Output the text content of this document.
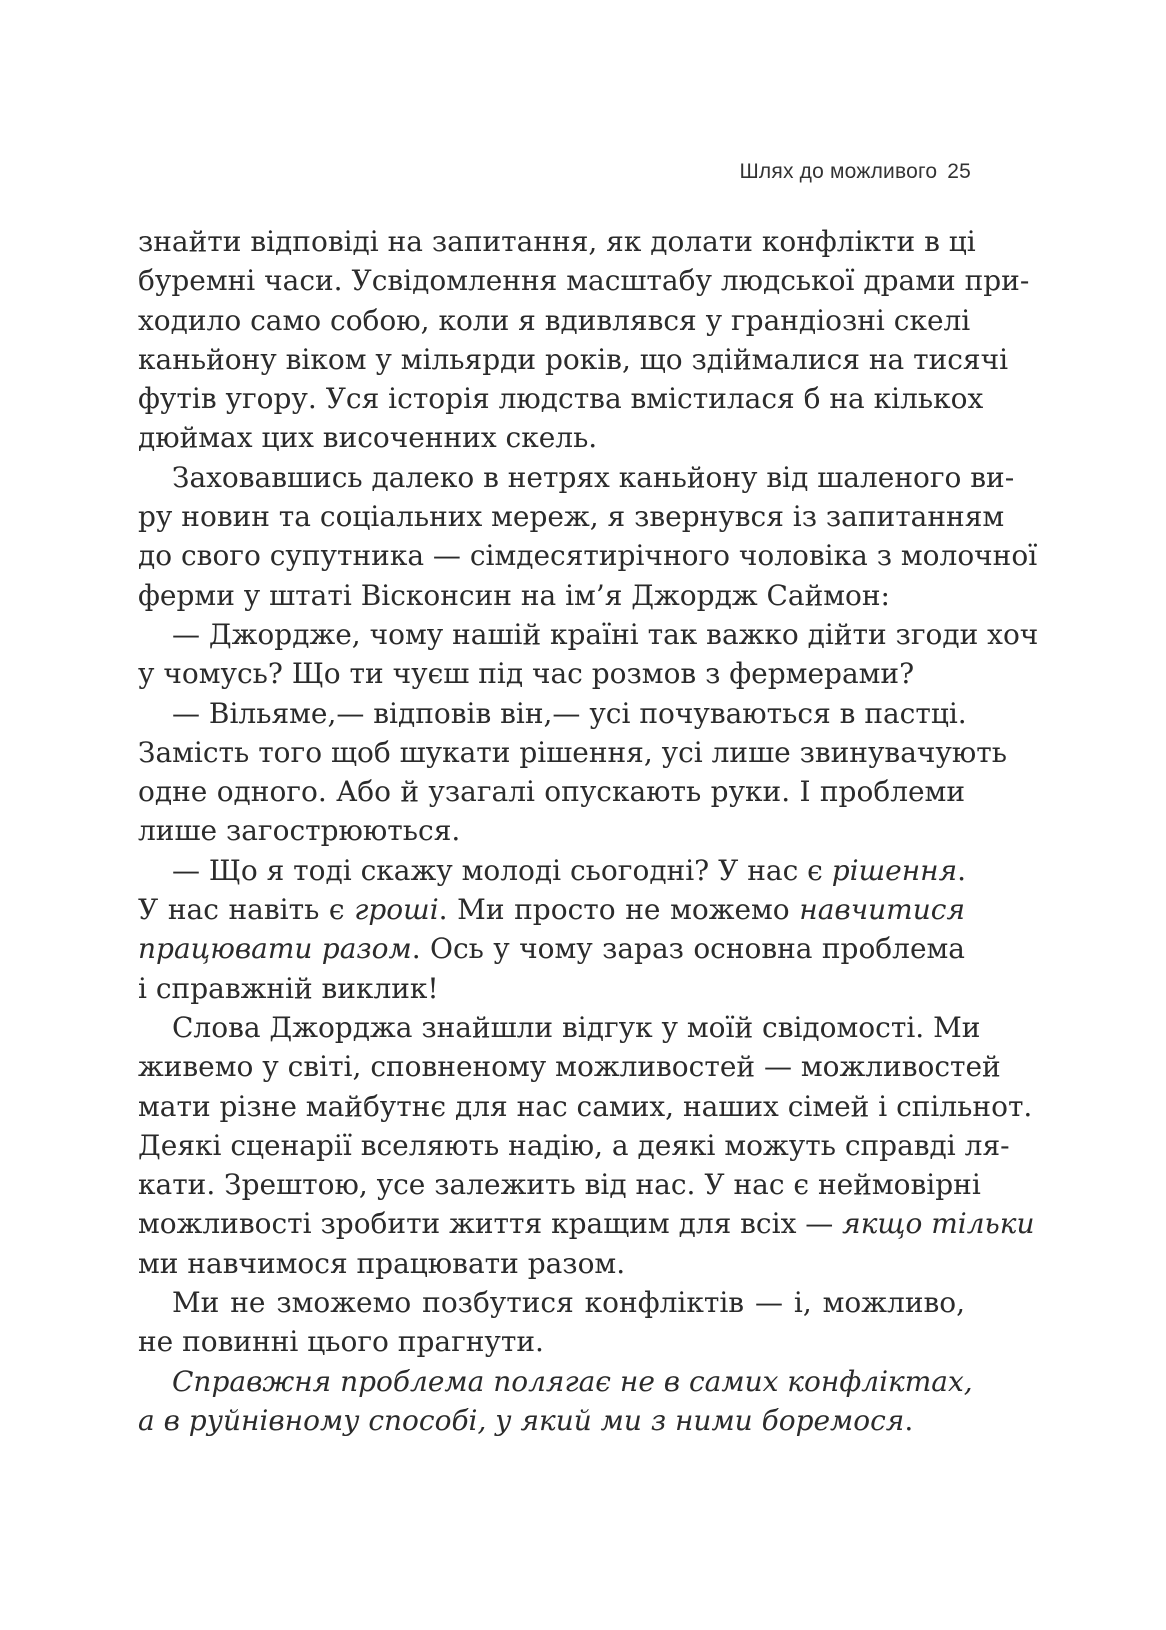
Шлях до можливого 25
знайти відповіді на запитання, як долати конфлікти в ці
буремні часи. Усвідомлення масштабу людської драми при-
ходило само собою, коли я вдивлявся у грандіозні скелі
каньйону віком у мільярди років, що здіймалися на тисячі
футів угору. Уся історія людства вмістилася б на кількох
дюймах цих височенних скель.
Заховавшись далеко в нетрях каньйону від шаленого ви-
ру новин та соціальних мереж, я звернувся із запитанням
до свого супутника — сімдесятирічного чоловіка з молочної
ферми у штаті Вісконсин на ім’я Джордж Саймон:
— Джордже, чому нашій країні так важко дійти згоди хоч
у чомусь? Що ти чуєш під час розмов з фермерами?
— Вільяме,— відповів він,— усі почуваються в пастці.
Замість того щоб шукати рішення, усі лише звинувачують
одне одного. Або й узагалі опускають руки. І проблеми
лише загострюються.
— Що я тоді скажу молоді сьогодні? У нас є рішення.
У нас навіть є гроші. Ми просто не можемо навчитися
працювати разом. Ось у чому зараз основна проблема
і справжній виклик!
Слова Джорджа знайшли відгук у моїй свідомості. Ми
живемо у світі, сповненому можливостей — можливостей
мати різне майбутнє для нас самих, наших сімей і спільнот.
Деякі сценарії вселяють надію, а деякі можуть справді ля-
кати. Зрештою, усе залежить від нас. У нас є неймовірні
можливості зробити життя кращим для всіх — якщо тільки
ми навчимося працювати разом.
Ми не зможемо позбутися конфліктів — і, можливо,
не повинні цього прагнути.
Справжня проблема полягає не в самих конфліктах,
а в руйнівному способі, у який ми з ними боремося.
